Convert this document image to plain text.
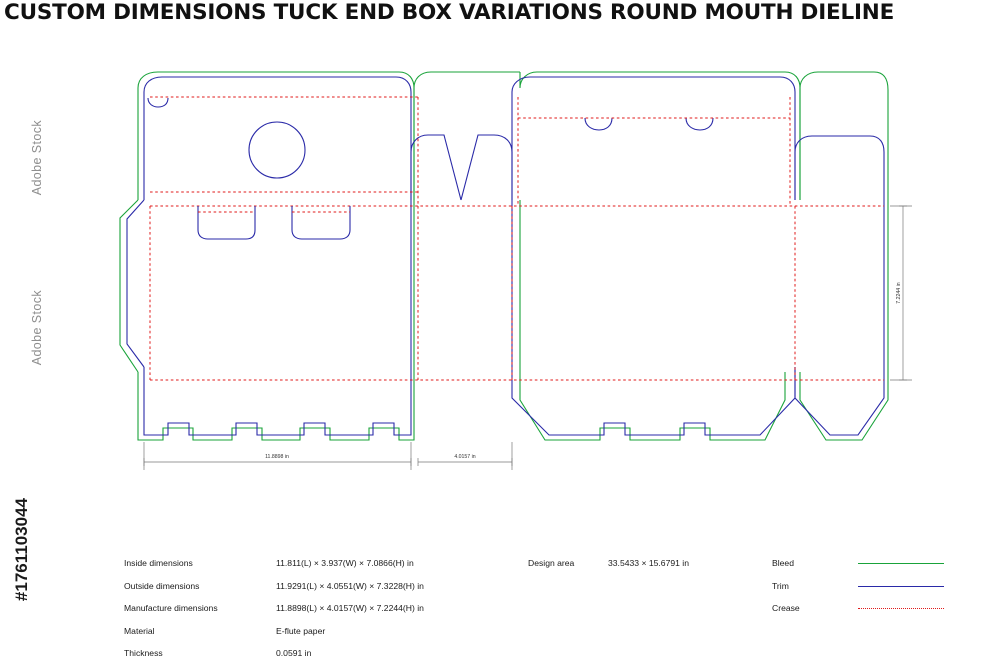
CUSTOM DIMENSIONS TUCK END BOX VARIATIONS ROUND MOUTH DIELINE
Adobe Stock
Adobe Stock
#1761103044
11.8898 in	4.0157 in
7.2244 in
Inside dimensions	11.811(L) × 3.937(W) × 7.0866(H) in
Outside dimensions	11.9291(L) × 4.0551(W) × 7.3228(H) in
Manufacture dimensions	11.8898(L) × 4.0157(W) × 7.2244(H) in
Material	E-flute paper
Thickness	0.0591 in
Design area	33.5433 × 15.6791 in	Bleed
Trim
Crease
